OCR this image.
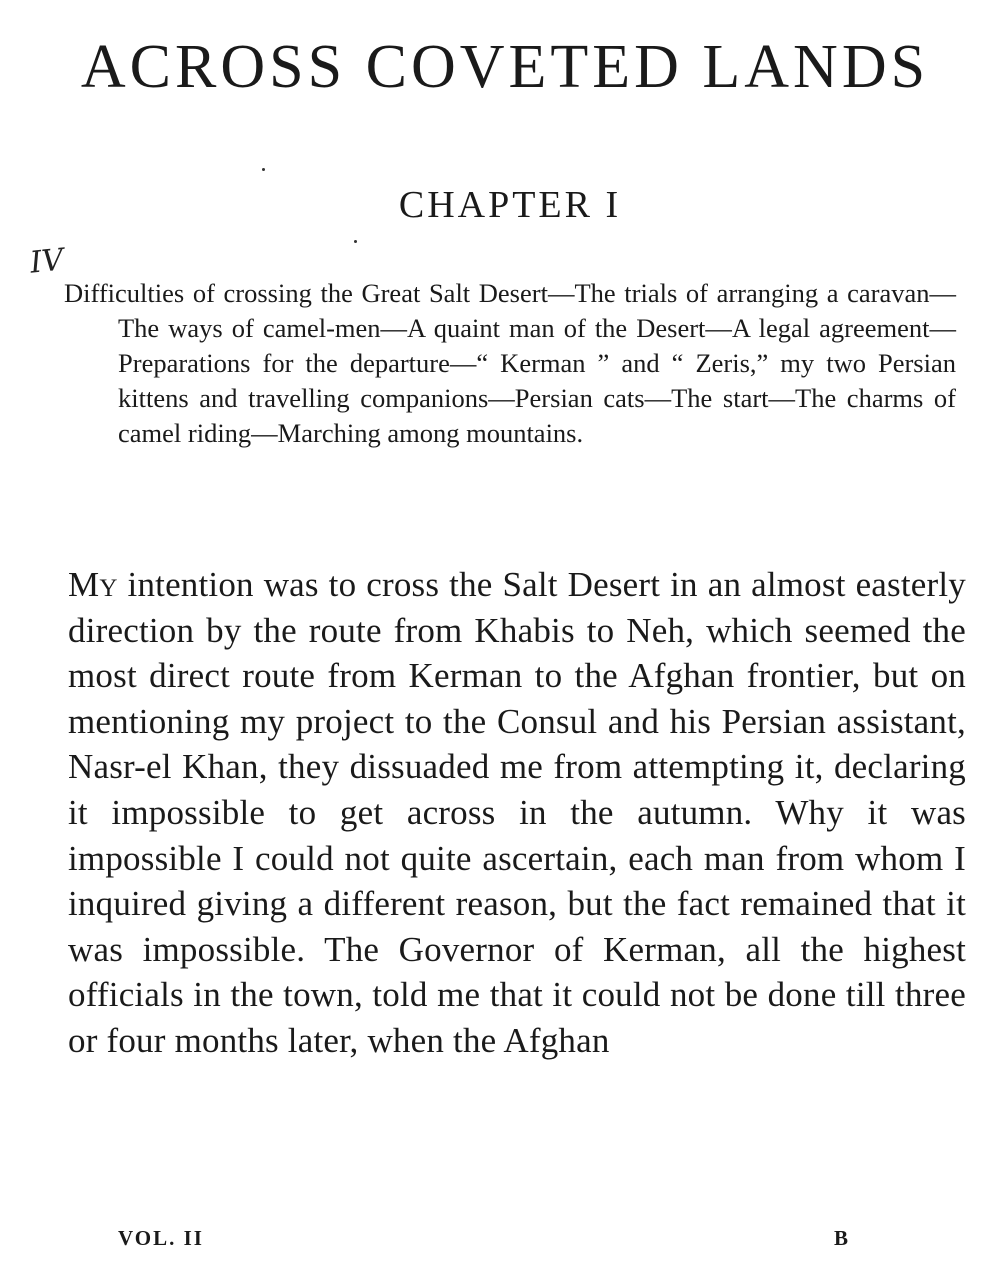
ACROSS COVETED LANDS
CHAPTER I
IV

Difficulties of crossing the Great Salt Desert—The trials of arranging a caravan—The ways of camel-men—A quaint man of the Desert—A legal agreement—Preparations for the departure—“ Kerman ” and “ Zeris,” my two Persian kittens and travelling companions—Persian cats—The start—The charms of camel riding—Marching among mountains.

My intention was to cross the Salt Desert in an almost easterly direction by the route from Khabis to Neh, which seemed the most direct route from Kerman to the Afghan frontier, but on mentioning my project to the Consul and his Persian assistant, Nasr-el Khan, they dissuaded me from attempting it, declaring it impossible to get across in the autumn. Why it was impossible I could not quite ascertain, each man from whom I inquired giving a different reason, but the fact remained that it was impossible. The Governor of Kerman, all the highest officials in the town, told me that it could not be done till three or four months later, when the Afghan

VOL. II	B
